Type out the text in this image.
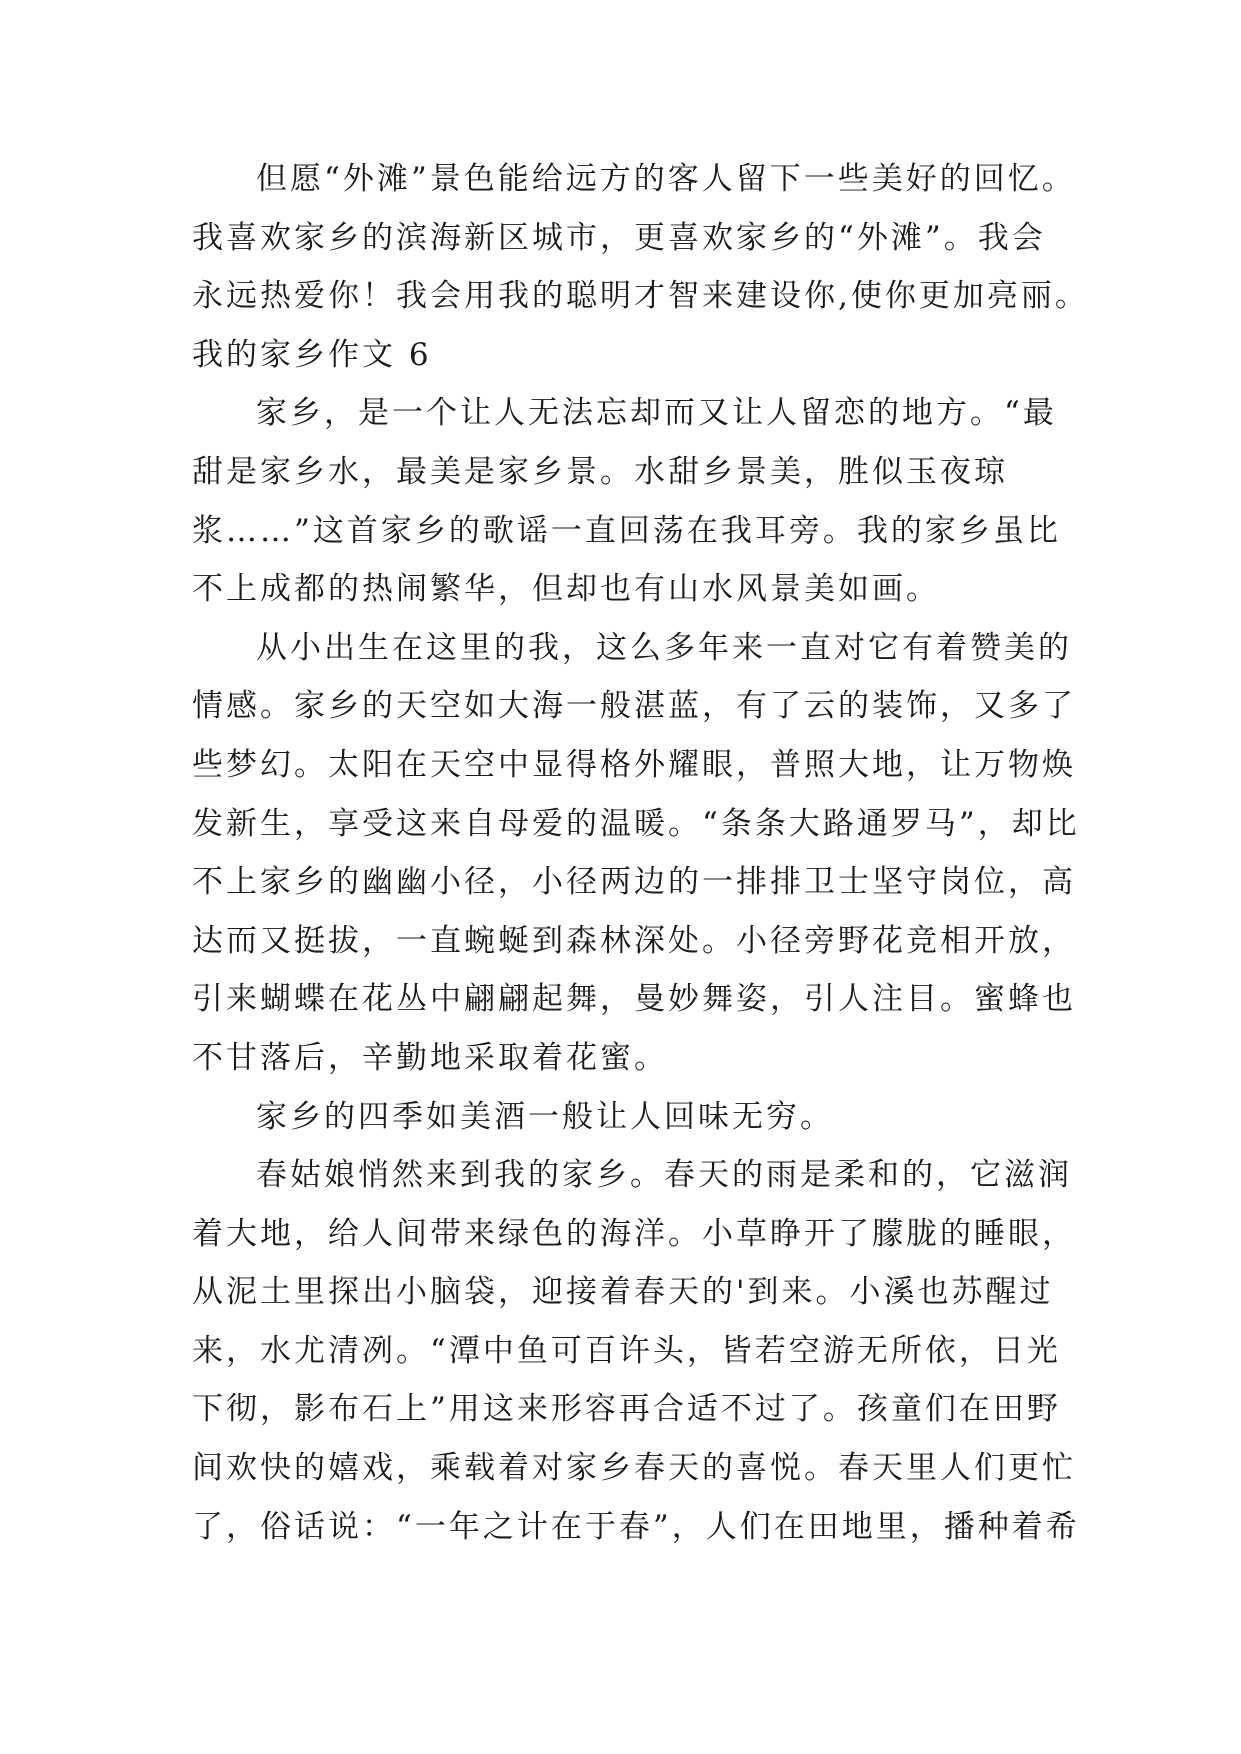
但愿“外滩”景色能给远方的客人留下一些美好的回忆。
我喜欢家乡的滨海新区城市，更喜欢家乡的“外滩”。我会
永远热爱你！我会用我的聪明才智来建设你,使你更加亮丽。
我的家乡作文 6
家乡，是一个让人无法忘却而又让人留恋的地方。“最
甜是家乡水，最美是家乡景。水甜乡景美，胜似玉夜琼
浆……”这首家乡的歌谣一直回荡在我耳旁。我的家乡虽比
不上成都的热闹繁华，但却也有山水风景美如画。
从小出生在这里的我，这么多年来一直对它有着赞美的
情感。家乡的天空如大海一般湛蓝，有了云的装饰，又多了
些梦幻。太阳在天空中显得格外耀眼，普照大地，让万物焕
发新生，享受这来自母爱的温暖。“条条大路通罗马”，却比
不上家乡的幽幽小径，小径两边的一排排卫士坚守岗位，高
达而又挺拔，一直蜿蜒到森林深处。小径旁野花竞相开放，
引来蝴蝶在花丛中翩翩起舞，曼妙舞姿，引人注目。蜜蜂也
不甘落后，辛勤地采取着花蜜。
家乡的四季如美酒一般让人回味无穷。
春姑娘悄然来到我的家乡。春天的雨是柔和的，它滋润
着大地，给人间带来绿色的海洋。小草睁开了朦胧的睡眼，
从泥土里探出小脑袋，迎接着春天的'到来。小溪也苏醒过
来，水尤清冽。“潭中鱼可百许头，皆若空游无所依，日光
下彻，影布石上”用这来形容再合适不过了。孩童们在田野
间欢快的嬉戏，乘载着对家乡春天的喜悦。春天里人们更忙
了，俗话说：“一年之计在于春”，人们在田地里，播种着希
